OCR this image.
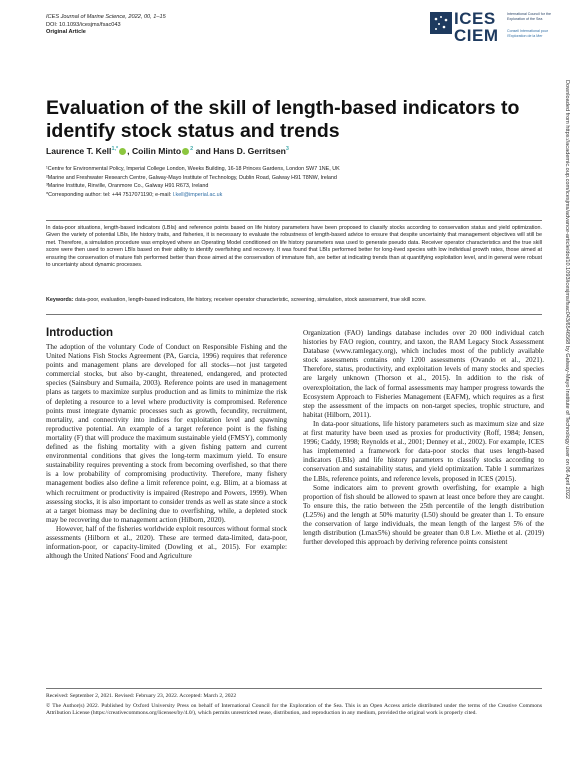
ICES Journal of Marine Science, 2022, 00, 1–15
DOI: 10.1093/icesjms/fsac043
Original Article
ICES
CIEM
International Council for the Exploration of the Sea
Conseil International pour l'Exploration de la Mer
Evaluation of the skill of length-based indicators to identify stock status and trends
Laurence T. Kell$^{1,*}$ , Coilin Minto $^2$ and Hans D. Gerritsen$^3$
¹Centre for Environmental Policy, Imperial College London, Weeks Building, 16-18 Princes Gardens, London SW7 1NE, UK
²Marine and Freshwater Research Centre, Galway-Mayo Institute of Technology, Dublin Road, Galway H91 T8NW, Ireland
³Marine Institute, Rinville, Oranmore Co., Galway H91 R673, Ireland
*Corresponding author: tel: +44 7517071190; e-mail: l.kell@imperial.ac.uk
In data-poor situations, length-based indicators (LBIs) and reference points based on life history parameters have been proposed to classify stocks according to conservation status and yield optimization. Given the variety of potential LBIs, life history traits, and fisheries, it is necessary to evaluate the robustness of length-based advice to ensure that despite uncertainty that management objectives will still be met. Therefore, a simulation procedure was employed where an Operating Model conditioned on life history parameters was used to generate pseudo data. Receiver operator characteristics and the true skill score were then used to screen LBIs based on their ability to identify overfishing and recovery. It was found that LBIs performed better for long-lived species with low individual growth rates, those aimed at ensuring the conservation of mature fish performed better than those aimed at the conservation of immature fish, are better at indicating trends than at quantifying exploitation level, and in general were robust to uncertainty about dynamic processes.
Keywords: data-poor, evaluation, length-based indicators, life history, receiver operator characteristic, screening, simulation, stock assessment, true skill score.
Introduction

The adoption of the voluntary Code of Conduct on Responsible Fishing and the United Nations Fish Stocks Agreement (PA, Garcia, 1996) requires that reference points and management plans are developed for all stocks—not just targeted commercial stocks, but also by-caught, threatened, endangered, and protected species (Sainsbury and Sumaila, 2003). Reference points are used in management plans as targets to maximize surplus production and as limits to minimize the risk of depleting a resource to a level where productivity is compromised. Reference points must integrate dynamic processes such as growth, fecundity, recruitment, mortality, and connectivity into indices for exploitation level and spawning reproductive potential. An example of a target reference point is the fishing mortality (F) that will produce the maximum sustainable yield (FMSY), commonly defined as the fishing mortality with a given fishing pattern and current environmental conditions that gives the long-term maximum yield. To ensure sustainability requires preventing a stock from becoming overfished, so that there is a low probability of compromising productivity. Therefore, many fishery management bodies also define a limit reference point, e.g. Blim, at a biomass at which recruitment or productivity is impaired (Restrepo and Powers, 1999). When assessing stocks, it is also important to consider trends as well as state since a stock at a target biomass may be declining due to overfishing, while, a depleted stock may be recovering due to management action (Hilborn, 2020).

However, half of the fisheries worldwide exploit resources without formal stock assessments (Hilborn et al., 2020). These are termed data-limited, data-poor, information-poor, or capacity-limited (Dowling et al., 2015). For example: although the United Nations' Food and Agriculture

Organization (FAO) landings database includes over 20 000 individual catch histories by FAO region, country, and taxon, the RAM Legacy Stock Assessment Database (www.ramlegacy.org), which includes most of the publicly available stock assessments contains only 1200 assessments (Ovando et al., 2021). Therefore, status, productivity, and exploitation levels of many stocks and species are largely unknown (Thorson et al., 2015). In addition to the risk of overexploitation, the lack of formal assessments may hamper progress towards the Ecosystem Approach to Fisheries Management (EAFM), which requires as a first step the assessment of the impacts on non-target species, trophic structure, and habitat (Hilborn, 2011).

In data-poor situations, life history parameters such as maximum size and size at first maturity have been used as proxies for productivity (Roff, 1984; Jensen, 1996; Caddy, 1998; Reynolds et al., 2001; Denney et al., 2002). For example, ICES has implemented a framework for data-poor stocks that uses length-based indicators (LBIs) and life history parameters to classify stocks according to conservation and sustainability status, and yield optimization. Table 1 summarizes the LBIs, reference points, and reference levels, proposed in ICES (2015).

Some indicators aim to prevent growth overfishing, for example a high proportion of fish should be allowed to spawn at least once before they are caught. To ensure this, the ratio between the 25th percentile of the length distribution (L25%) and the length at 50% maturity (L50) should be greater than 1. To ensure the conservation of large individuals, the mean length of the largest 5% of the length distribution (Lmax5%) should be greater than 0.8 L∞. Miethe et al. (2019) further developed this approach by deriving reference points consistent

Received: September 2, 2021. Revised: February 23, 2022. Accepted: March 2, 2022
© The Author(s) 2022. Published by Oxford University Press on behalf of International Council for the Exploration of the Sea. This is an Open Access article distributed under the terms of the Creative Commons Attribution License (https://creativecommons.org/licenses/by/4.0/), which permits unrestricted reuse, distribution, and reproduction in any medium, provided the original work is properly cited.
Downloaded from https://academic.oup.com/icesjms/advance-article/doi/10.1093/icesjms/fsac043/6546568 by Galway-Mayo Institute of Technology user on 06 April 2022
